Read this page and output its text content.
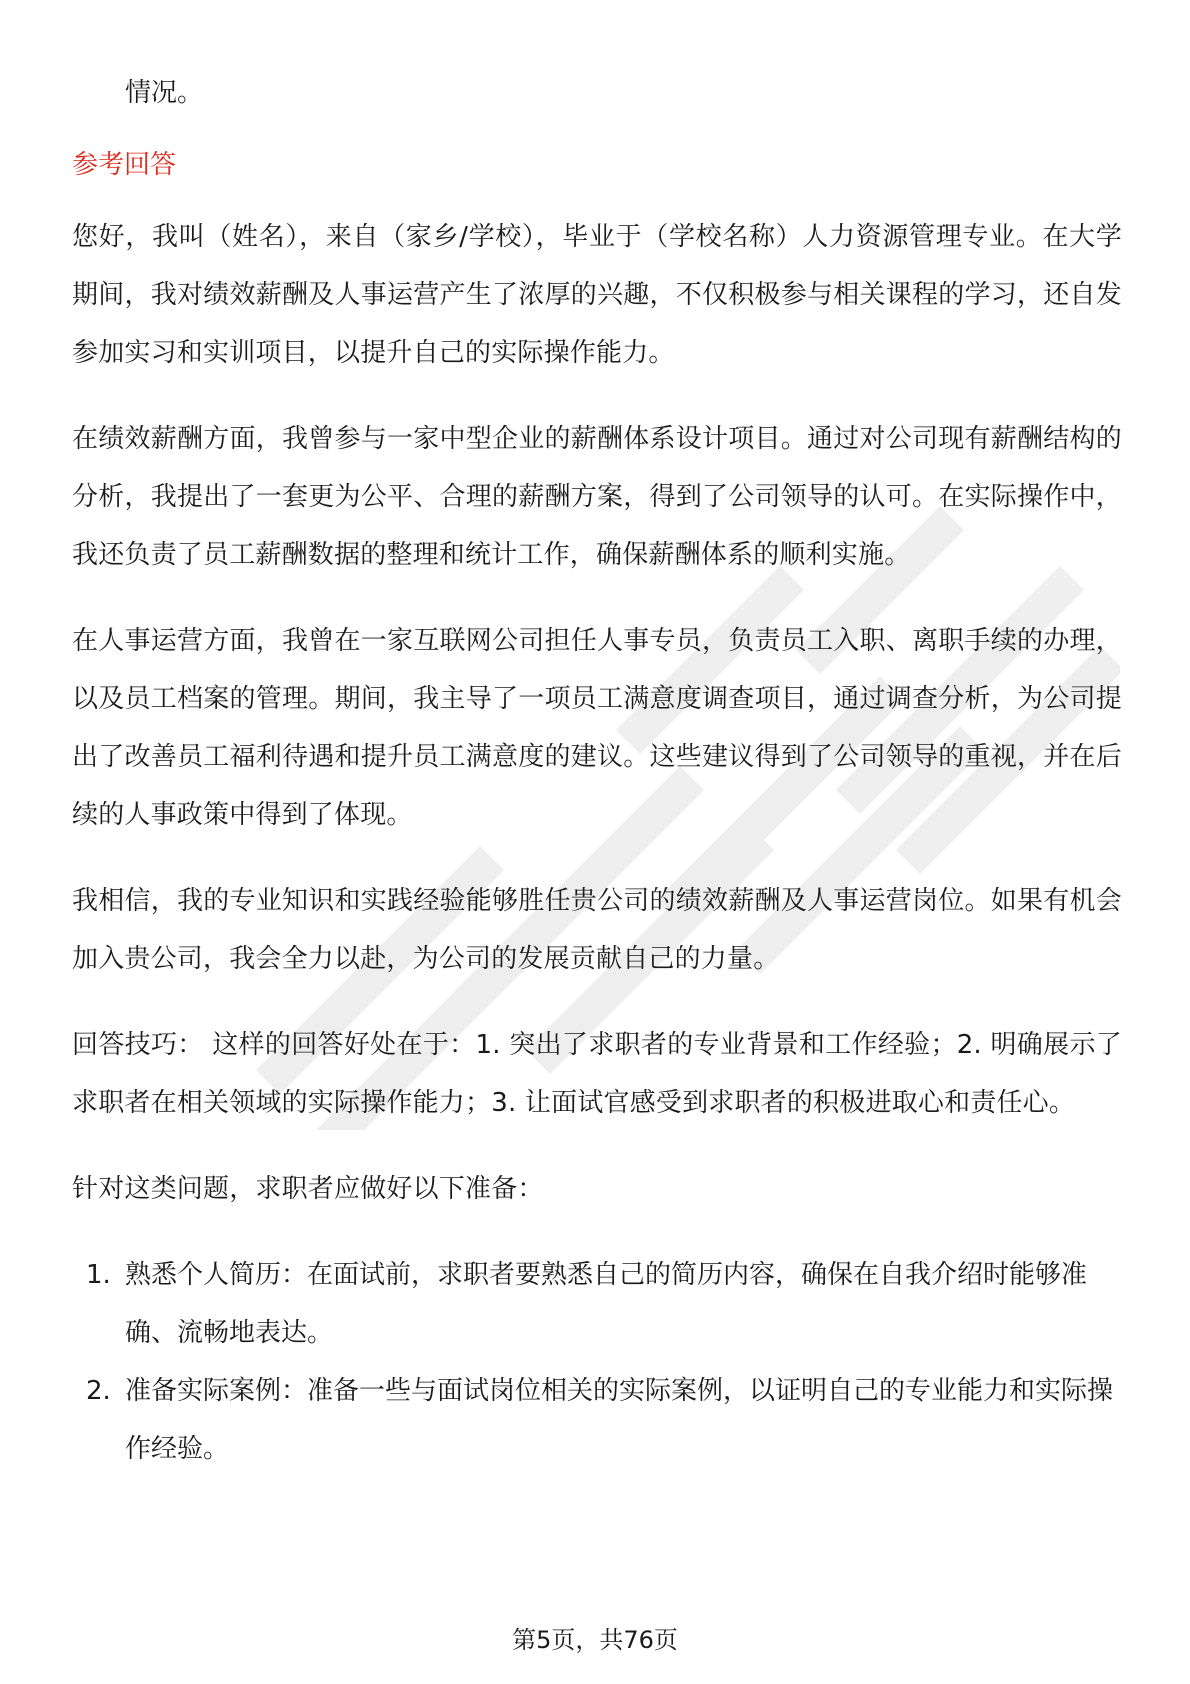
情况。

参考回答

您好，我叫（姓名），来自（家乡/学校），毕业于（学校名称）人力资源管理专业。在大学期间，我对绩效薪酬及人事运营产生了浓厚的兴趣，不仅积极参与相关课程的学习，还自发参加实习和实训项目，以提升自己的实际操作能力。

在绩效薪酬方面，我曾参与一家中型企业的薪酬体系设计项目。通过对公司现有薪酬结构的分析，我提出了一套更为公平、合理的薪酬方案，得到了公司领导的认可。在实际操作中，我还负责了员工薪酬数据的整理和统计工作，确保薪酬体系的顺利实施。

在人事运营方面，我曾在一家互联网公司担任人事专员，负责员工入职、离职手续的办理，以及员工档案的管理。期间，我主导了一项员工满意度调查项目，通过调查分析，为公司提出了改善员工福利待遇和提升员工满意度的建议。这些建议得到了公司领导的重视，并在后续的人事政策中得到了体现。

我相信，我的专业知识和实践经验能够胜任贵公司的绩效薪酬及人事运营岗位。如果有机会加入贵公司，我会全力以赴，为公司的发展贡献自己的力量。

回答技巧： 这样的回答好处在于：1. 突出了求职者的专业背景和工作经验；2. 明确展示了求职者在相关领域的实际操作能力；3. 让面试官感受到求职者的积极进取心和责任心。

针对这类问题，求职者应做好以下准备：

1. 熟悉个人简历：在面试前，求职者要熟悉自己的简历内容，确保在自我介绍时能够准确、流畅地表达。
2. 准备实际案例：准备一些与面试岗位相关的实际案例，以证明自己的专业能力和实际操作经验。
第5页，共76页
